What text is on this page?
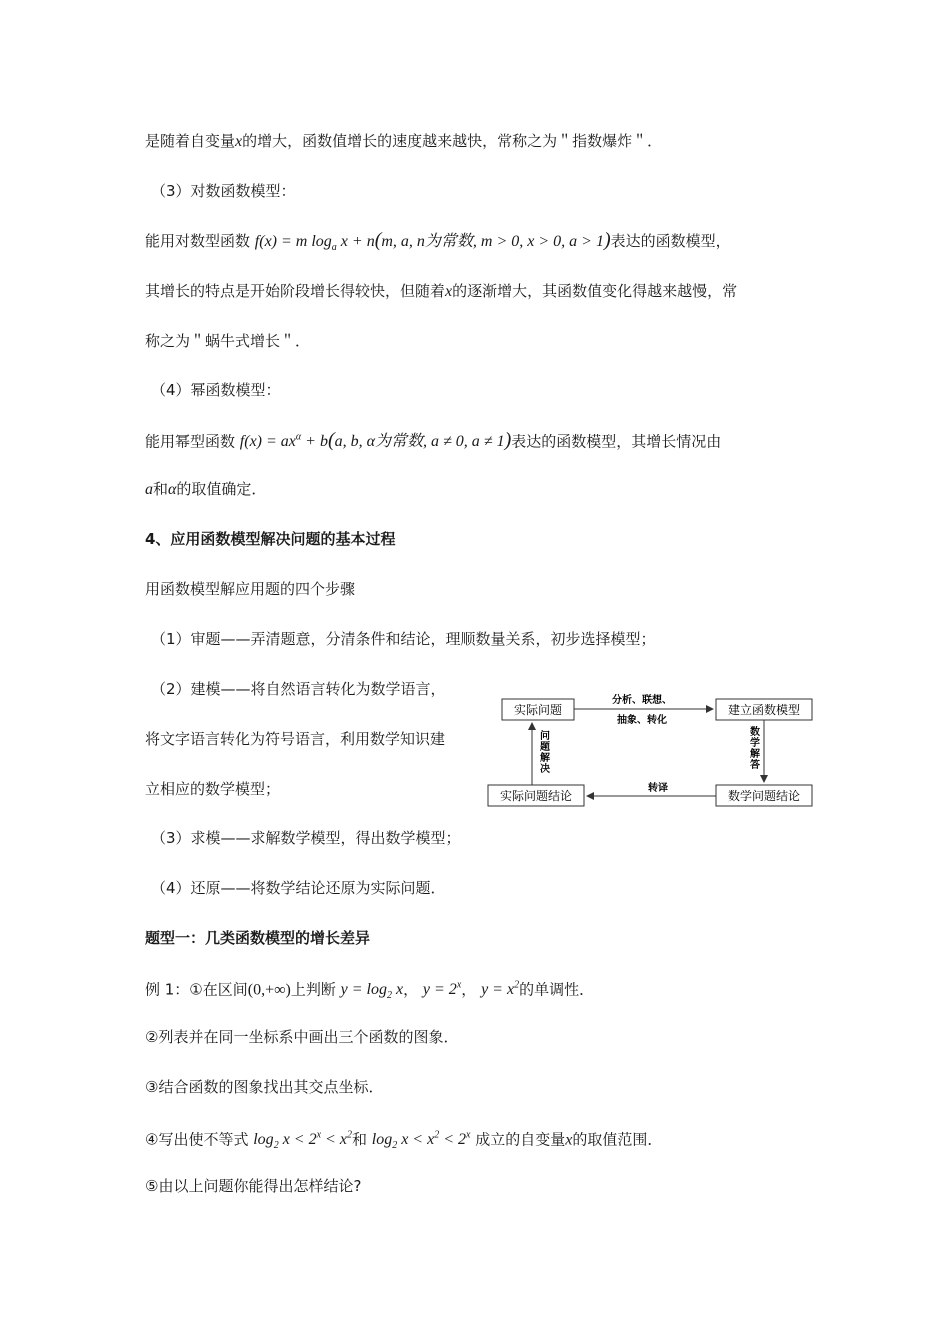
是随着自变量x的增大，函数值增长的速度越来越快，常称之为＂指数爆炸＂．
（3）对数函数模型：
能用对数型函数 f(x) = m $\log_a x + n(m$, a, n为常数, m > 0, x > 0, a > 1)表达的函数模型，
其增长的特点是开始阶段增长得较快，但随着x的逐渐增大，其函数值变化得越来越慢，常
称之为＂蜗牛式增长＂．
（4）幂函数模型：
能用幂型函数 $f(x) = ax^\alpha + b(a$, b, α为常数, a ≠ 0, a ≠ 1)表达的函数模型，其增长情况由
a和α的取值确定．
4、应用函数模型解决问题的基本过程
用函数模型解应用题的四个步骤
（1）审题——弄清题意，分清条件和结论，理顺数量关系，初步选择模型；
（2）建模——将自然语言转化为数学语言，
将文字语言转化为符号语言，利用数学知识建
立相应的数学模型；
（3）求模——求解数学模型，得出数学模型；
（4）还原——将数学结论还原为实际问题．
实际问题	建立函数模型
数学问题结论
实际问题结论
分析、联想、
抽象、转化
数
学
解
答
转译
问
题
解
决
题型一：几类函数模型的增长差异
例 1：①在区间(0,+∞)上判断 $y = \log_2 x$， $y = 2^x$， $y = x^2$的单调性．
②列表并在同一坐标系中画出三个函数的图象．
③结合函数的图象找出其交点坐标．
④写出使不等式 $\log_2 x < 2^x < x^2$和 $\log_2 x < x^2 < 2^x$ 成立的自变量x的取值范围．
⑤由以上问题你能得出怎样结论?
